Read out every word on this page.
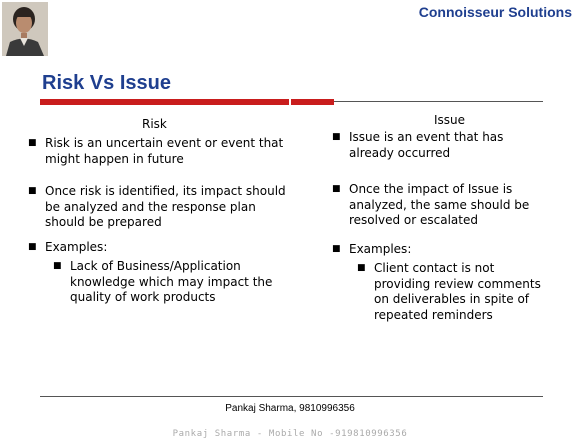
Connoisseur Solutions
Risk Vs Issue
Risk	Issue
■ Risk is an uncertain event or event that might happen in future
■ Once risk is identified, its impact should be analyzed and the response plan should be prepared
■ Examples:
■ Lack of Business/Application knowledge which may impact the quality of work products
■ Issue is an event that has already occurred
■ Once the impact of Issue is analyzed, the same should be resolved or escalated
■ Examples:
■ Client contact is not providing review comments on deliverables in spite of repeated reminders
Pankaj Sharma, 9810996356
Pankaj Sharma - Mobile No -919810996356
